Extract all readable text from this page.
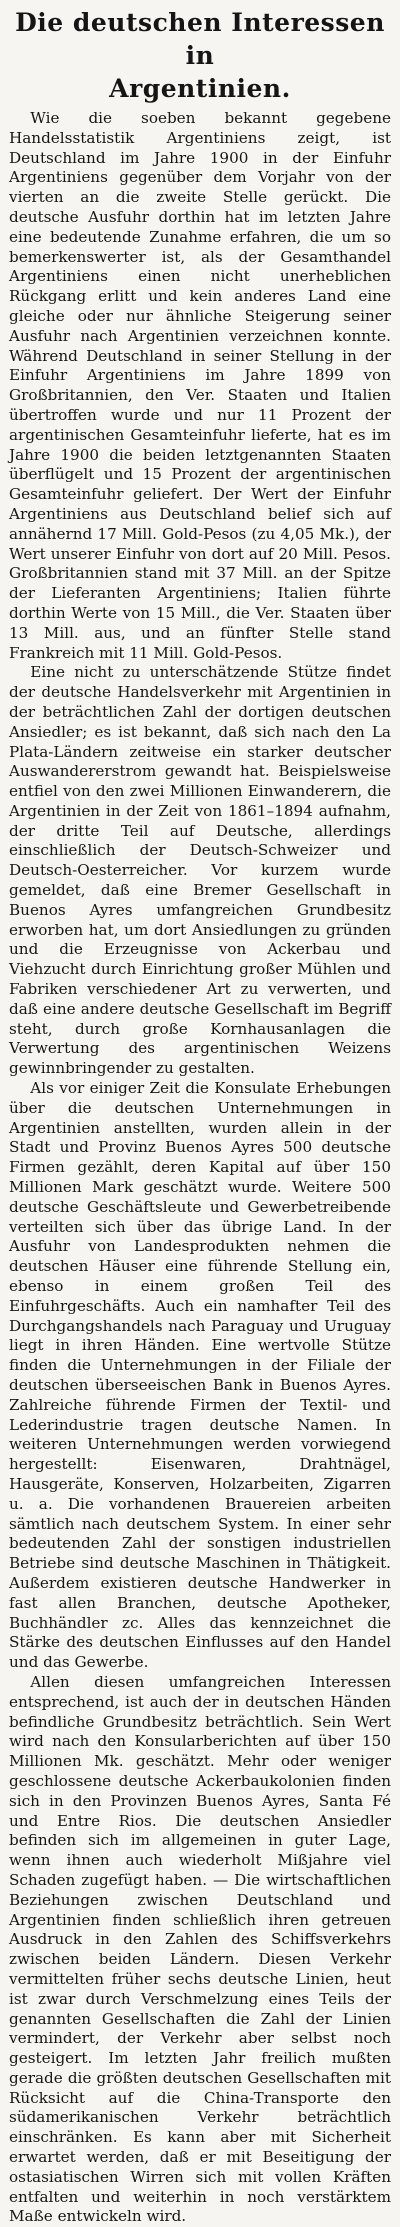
Die deutschen Interessen in
Argentinien.

Wie die soeben bekannt gegebene Handelsstatistik Argentiniens zeigt, ist Deutschland im Jahre 1900 in der Einfuhr Argentiniens gegenüber dem Vorjahr von der vierten an die zweite Stelle gerückt. Die deutsche Ausfuhr dorthin hat im letzten Jahre eine bedeutende Zunahme erfahren, die um so bemerkenswerter ist, als der Gesamthandel Argentiniens einen nicht unerheblichen Rückgang erlitt und kein anderes Land eine gleiche oder nur ähnliche Steigerung seiner Ausfuhr nach Argentinien verzeichnen konnte. Während Deutschland in seiner Stellung in der Einfuhr Argentiniens im Jahre 1899 von Großbritannien, den Ver. Staaten und Italien übertroffen wurde und nur 11 Prozent der argentinischen Gesamteinfuhr lieferte, hat es im Jahre 1900 die beiden letztgenannten Staaten überflügelt und 15 Prozent der argentinischen Gesamteinfuhr geliefert. Der Wert der Einfuhr Argentiniens aus Deutschland belief sich auf annähernd 17 Mill. Gold-Pesos (zu 4,05 Mk.), der Wert unserer Einfuhr von dort auf 20 Mill. Pesos. Großbritannien stand mit 37 Mill. an der Spitze der Lieferanten Argentiniens; Italien führte dorthin Werte von 15 Mill., die Ver. Staaten über 13 Mill. aus, und an fünfter Stelle stand Frankreich mit 11 Mill. Gold-Pesos.

Eine nicht zu unterschätzende Stütze findet der deutsche Handelsverkehr mit Argentinien in der beträchtlichen Zahl der dortigen deutschen Ansiedler; es ist bekannt, daß sich nach den La Plata-Ländern zeitweise ein starker deutscher Auswandererstrom gewandt hat. Beispielsweise entfiel von den zwei Millionen Einwanderern, die Argentinien in der Zeit von 1861–1894 aufnahm, der dritte Teil auf Deutsche, allerdings einschließlich der Deutsch-Schweizer und Deutsch-Oesterreicher. Vor kurzem wurde gemeldet, daß eine Bremer Gesellschaft in Buenos Ayres umfangreichen Grundbesitz erworben hat, um dort Ansiedlungen zu gründen und die Erzeugnisse von Ackerbau und Viehzucht durch Einrichtung großer Mühlen und Fabriken verschiedener Art zu verwerten, und daß eine andere deutsche Gesellschaft im Begriff steht, durch große Kornhausanlagen die Verwertung des argentinischen Weizens gewinnbringender zu gestalten.

Als vor einiger Zeit die Konsulate Erhebungen über die deutschen Unternehmungen in Argentinien anstellten, wurden allein in der Stadt und Provinz Buenos Ayres 500 deutsche Firmen gezählt, deren Kapital auf über 150 Millionen Mark geschätzt wurde. Weitere 500 deutsche Geschäftsleute und Gewerbetreibende verteilten sich über das übrige Land. In der Ausfuhr von Landesprodukten nehmen die deutschen Häuser eine führende Stellung ein, ebenso in einem großen Teil des Einfuhrgeschäfts. Auch ein namhafter Teil des Durchgangshandels nach Paraguay und Uruguay liegt in ihren Händen. Eine wertvolle Stütze finden die Unternehmungen in der Filiale der deutschen überseeischen Bank in Buenos Ayres. Zahlreiche führende Firmen der Textil- und Lederindustrie tragen deutsche Namen. In weiteren Unternehmungen werden vorwiegend hergestellt: Eisenwaren, Drahtnägel, Hausgeräte, Konserven, Holzarbeiten, Zigarren u. a. Die vorhandenen Brauereien arbeiten sämtlich nach deutschem System. In einer sehr bedeutenden Zahl der sonstigen industriellen Betriebe sind deutsche Maschinen in Thätigkeit. Außerdem existieren deutsche Handwerker in fast allen Branchen, deutsche Apotheker, Buchhändler zc. Alles das kennzeichnet die Stärke des deutschen Einflusses auf den Handel und das Gewerbe.

Allen diesen umfangreichen Interessen entsprechend, ist auch der in deutschen Händen befindliche Grundbesitz beträchtlich. Sein Wert wird nach den Konsularberichten auf über 150 Millionen Mk. geschätzt. Mehr oder weniger geschlossene deutsche Ackerbaukolonien finden sich in den Provinzen Buenos Ayres, Santa Fé und Entre Rios. Die deutschen Ansiedler befinden sich im allgemeinen in guter Lage, wenn ihnen auch wiederholt Mißjahre viel Schaden zugefügt haben. — Die wirtschaftlichen Beziehungen zwischen Deutschland und Argentinien finden schließlich ihren getreuen Ausdruck in den Zahlen des Schiffsverkehrs zwischen beiden Ländern. Diesen Verkehr vermittelten früher sechs deutsche Linien, heut ist zwar durch Verschmelzung eines Teils der genannten Gesellschaften die Zahl der Linien vermindert, der Verkehr aber selbst noch gesteigert. Im letzten Jahr freilich mußten gerade die größten deutschen Gesellschaften mit Rücksicht auf die China-Transporte den südamerikanischen Verkehr beträchtlich einschränken. Es kann aber mit Sicherheit erwartet werden, daß er mit Beseitigung der ostasiatischen Wirren sich mit vollen Kräften entfalten und weiterhin in noch verstärktem Maße entwickeln wird.
